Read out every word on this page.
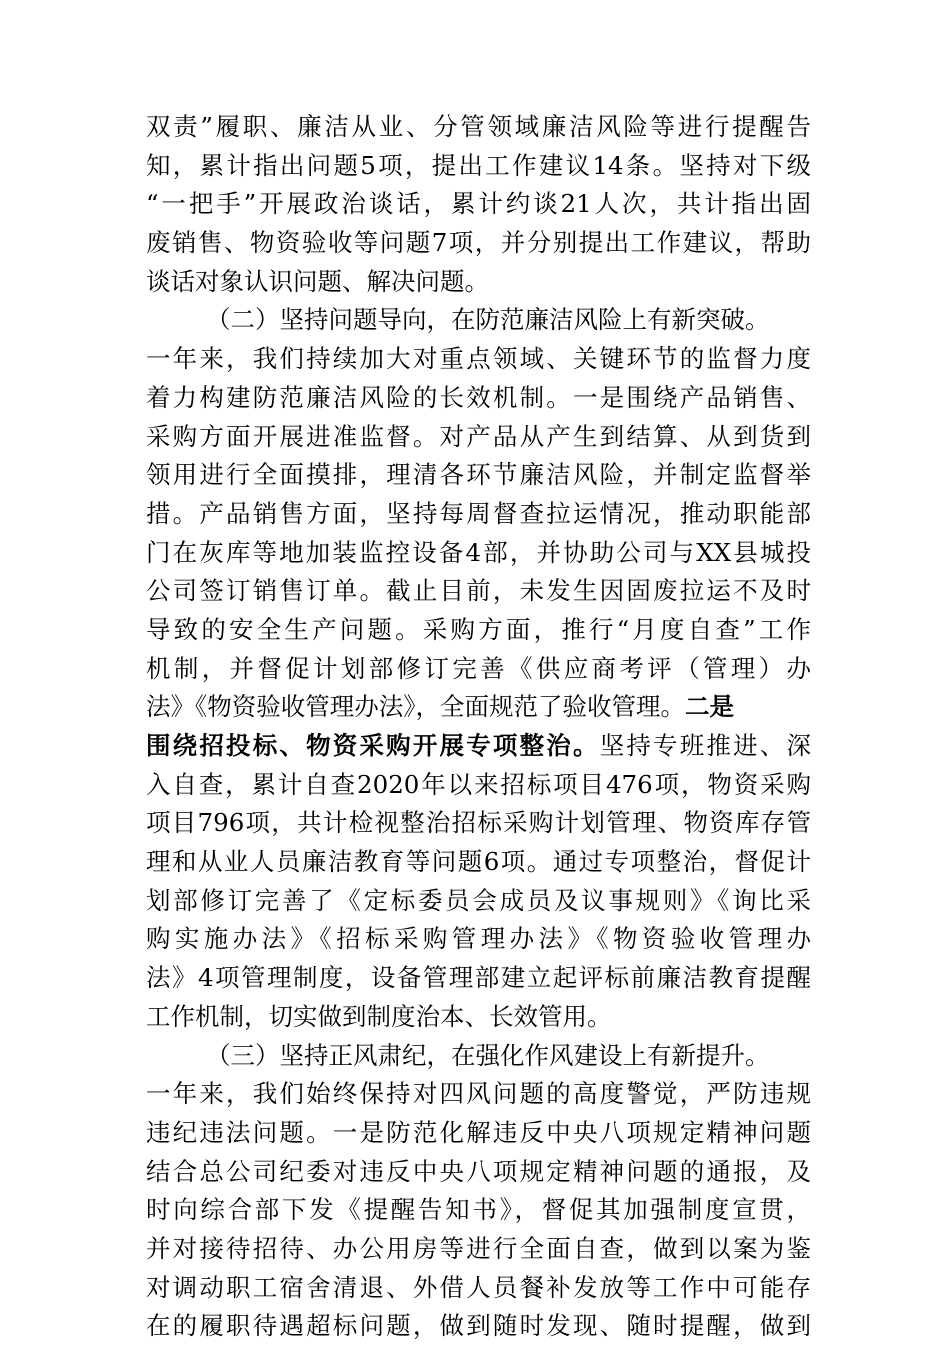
双责”履职、廉洁从业、分管领域廉洁风险等进行提醒告
知，累计指出问题5项，提出工作建议14条。坚持对下级
“一把手”开展政治谈话，累计约谈21人次，共计指出固
废销售、物资验收等问题7项，并分别提出工作建议，帮助
谈话对象认识问题、解决问题。
（二）坚持问题导向，在防范廉洁风险上有新突破。
一年来，我们持续加大对重点领域、关键环节的监督力度
着力构建防范廉洁风险的长效机制。一是围绕产品销售、
采购方面开展进准监督。对产品从产生到结算、从到货到
领用进行全面摸排，理清各环节廉洁风险，并制定监督举
措。产品销售方面，坚持每周督查拉运情况，推动职能部
门在灰库等地加装监控设备4部，并协助公司与XX县城投
公司签订销售订单。截止目前，未发生因固废拉运不及时
导致的安全生产问题。采购方面，推行“月度自查”工作
机制，并督促计划部修订完善《供应商考评（管理）办
法》《物资验收管理办法》，全面规范了验收管理。二是
围绕招投标、物资采购开展专项整治。坚持专班推进、深
入自查，累计自查2020年以来招标项目476项，物资采购
项目796项，共计检视整治招标采购计划管理、物资库存管
理和从业人员廉洁教育等问题6项。通过专项整治，督促计
划部修订完善了《定标委员会成员及议事规则》《询比采
购实施办法》《招标采购管理办法》《物资验收管理办
法》4项管理制度，设备管理部建立起评标前廉洁教育提醒
工作机制，切实做到制度治本、长效管用。
（三）坚持正风肃纪，在强化作风建设上有新提升。
一年来，我们始终保持对四风问题的高度警觉，严防违规
违纪违法问题。一是防范化解违反中央八项规定精神问题
结合总公司纪委对违反中央八项规定精神问题的通报，及
时向综合部下发《提醒告知书》，督促其加强制度宣贯，
并对接待招待、办公用房等进行全面自查，做到以案为鉴
对调动职工宿舍清退、外借人员餐补发放等工作中可能存
在的履职待遇超标问题，做到随时发现、随时提醒，做到
